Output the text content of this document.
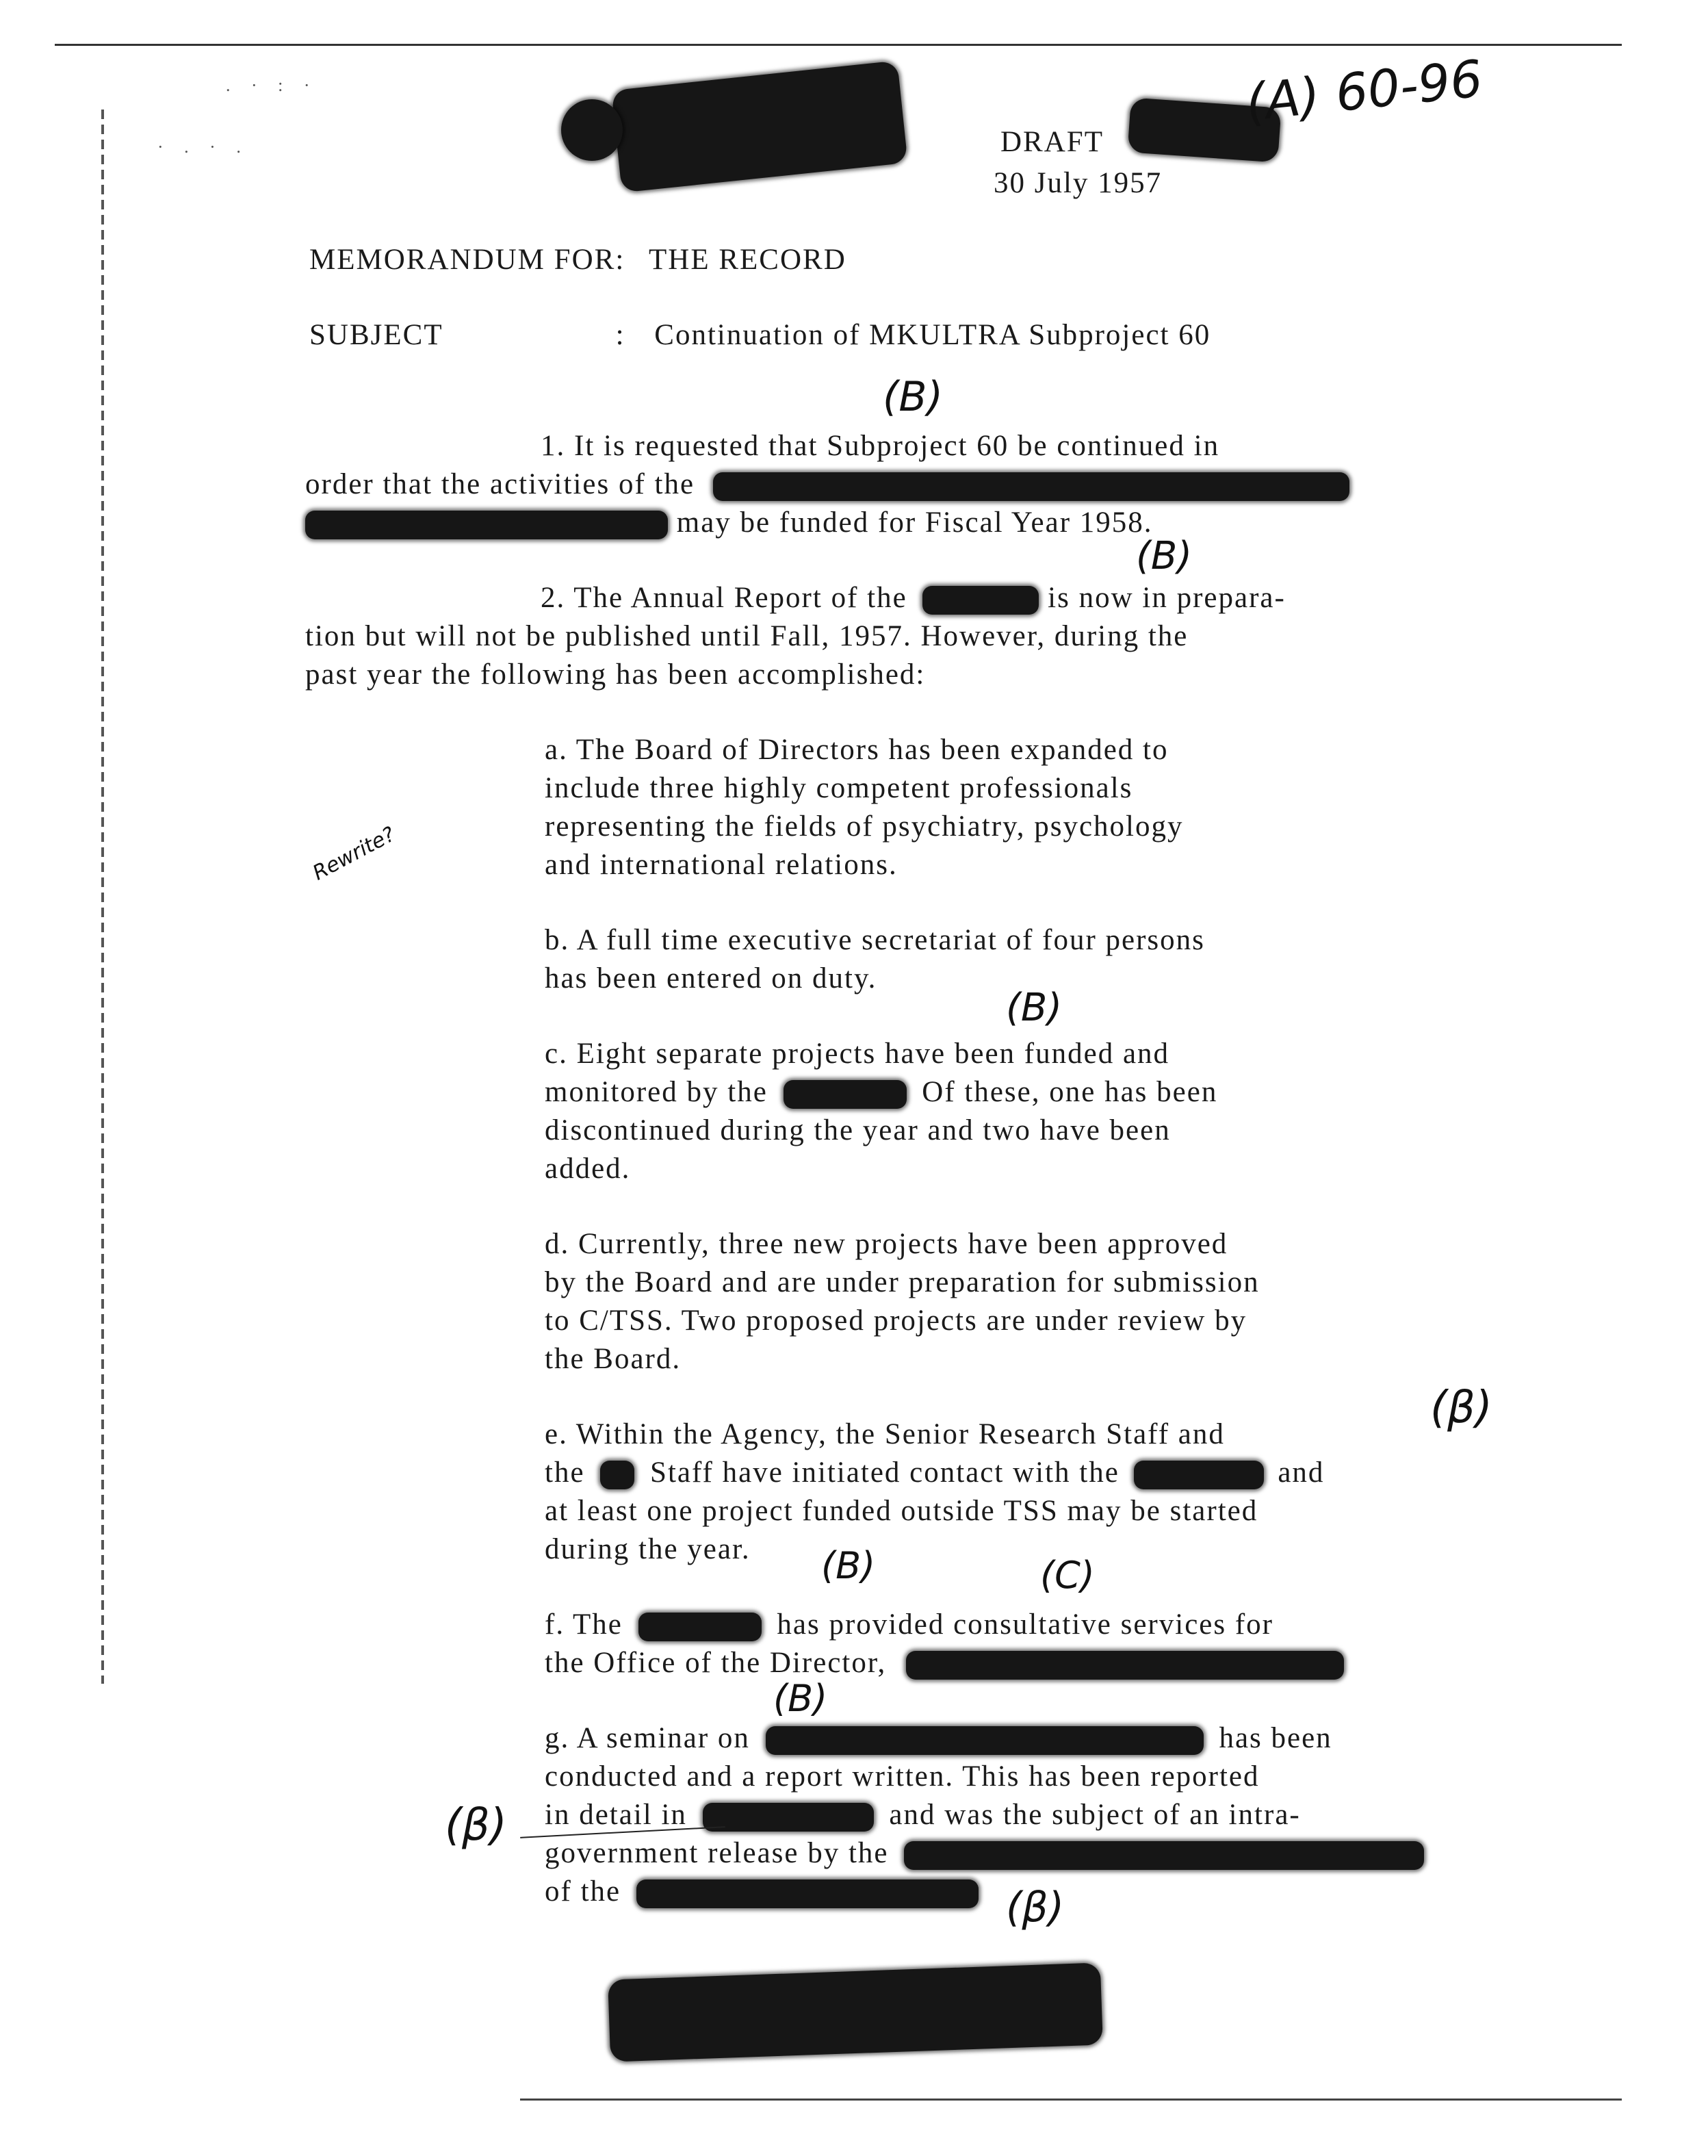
. · : ·
· . · .
(A) 60-96
DRAFT
30 July 1957
MEMORANDUM FOR: THE RECORD
SUBJECT	: Continuation of MKULTRA Subproject 60
(B)
1. It is requested that Subproject 60 be continued in
order that the activities of the
may be funded for Fiscal Year 1958.
(B)
2. The Annual Report of the	is now in prepara-
tion but will not be published until Fall, 1957. However, during the
past year the following has been accomplished:
a. The Board of Directors has been expanded to
include three highly competent professionals
representing the fields of psychiatry, psychology
and international relations.
Rewrite?
b. A full time executive secretariat of four persons
has been entered on duty.
(B)
c. Eight separate projects have been funded and
monitored by the	Of these, one has been
discontinued during the year and two have been
added.
d. Currently, three new projects have been approved
by the Board and are under preparation for submission
to C/TSS. Two proposed projects are under review by
the Board.
(β)
e. Within the Agency, the Senior Research Staff and
the Staff have initiated contact with the	and
at least one project funded outside TSS may be started
during the year. (B)	(C)
f. The	has provided consultative services for
the Office of the Director,
(B)
g. A seminar on	has been
conducted and a report written. This has been reported
in detail in	and was the subject of an intra-
government release by the
of the
(β)
(β)
